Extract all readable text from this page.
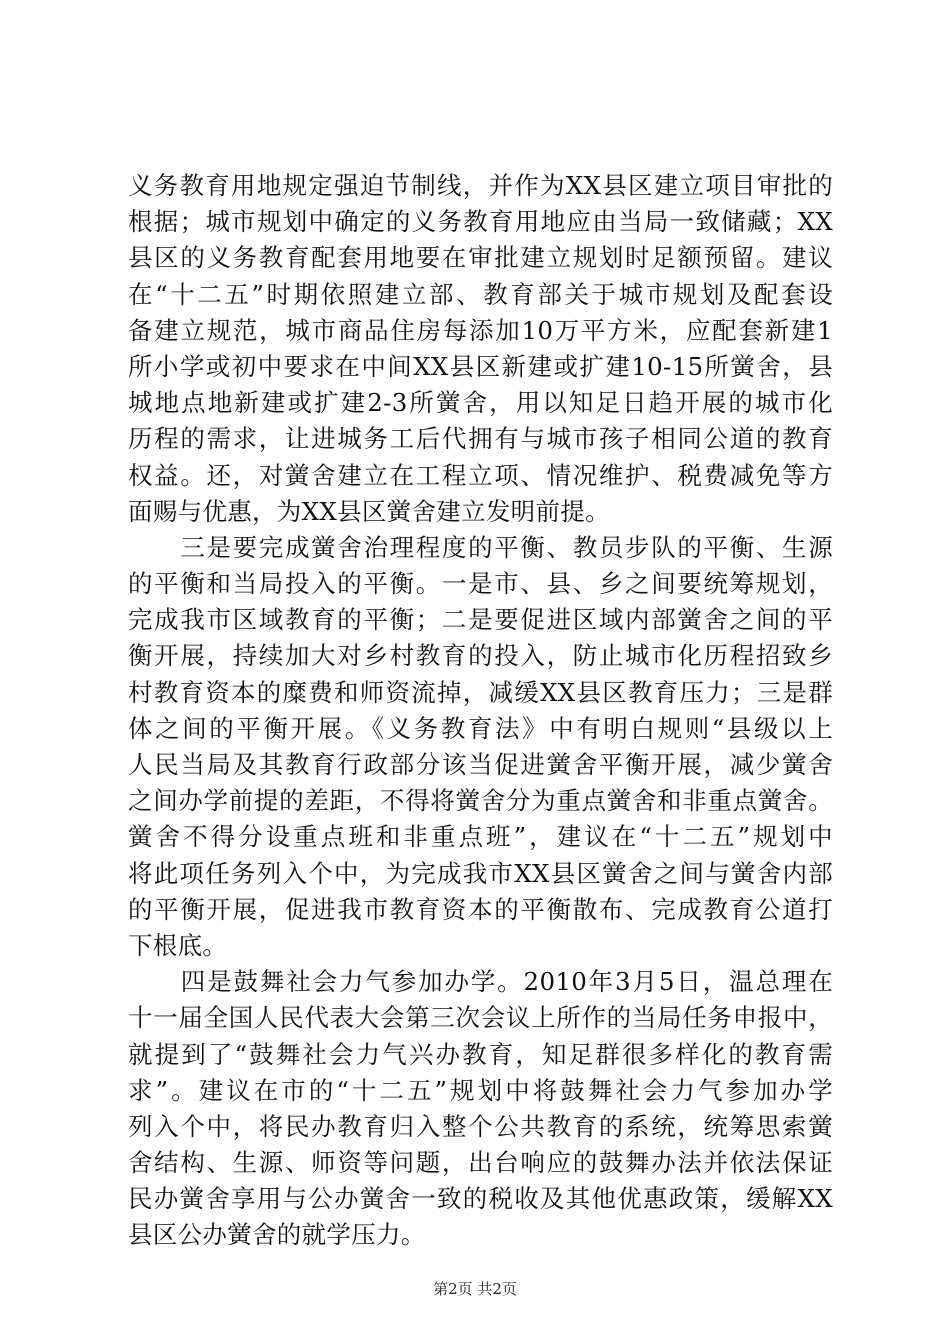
义务教育用地规定强迫节制线，并作为XX县区建立项目审批的
根据；城市规划中确定的义务教育用地应由当局一致储藏；XX
县区的义务教育配套用地要在审批建立规划时足额预留。建议
在“十二五”时期依照建立部、教育部关于城市规划及配套设
备建立规范，城市商品住房每添加10万平方米，应配套新建1
所小学或初中要求在中间XX县区新建或扩建10-15所黉舍，县
城地点地新建或扩建2-3所黉舍，用以知足日趋开展的城市化
历程的需求，让进城务工后代拥有与城市孩子相同公道的教育
权益。还，对黉舍建立在工程立项、情况维护、税费减免等方
面赐与优惠，为XX县区黉舍建立发明前提。
　　三是要完成黉舍治理程度的平衡、教员步队的平衡、生源
的平衡和当局投入的平衡。一是市、县、乡之间要统筹规划，
完成我市区域教育的平衡；二是要促进区域内部黉舍之间的平
衡开展，持续加大对乡村教育的投入，防止城市化历程招致乡
村教育资本的糜费和师资流掉，减缓XX县区教育压力；三是群
体之间的平衡开展。《义务教育法》中有明白规则“县级以上
人民当局及其教育行政部分该当促进黉舍平衡开展，减少黉舍
之间办学前提的差距，不得将黉舍分为重点黉舍和非重点黉舍。
黉舍不得分设重点班和非重点班”，建议在“十二五”规划中
将此项任务列入个中，为完成我市XX县区黉舍之间与黉舍内部
的平衡开展，促进我市教育资本的平衡散布、完成教育公道打
下根底。
　　四是鼓舞社会力气参加办学。2010年3月5日，温总理在
十一届全国人民代表大会第三次会议上所作的当局任务申报中，
就提到了“鼓舞社会力气兴办教育，知足群很多样化的教育需
求”。建议在市的“十二五”规划中将鼓舞社会力气参加办学
列入个中，将民办教育归入整个公共教育的系统，统筹思索黉
舍结构、生源、师资等问题，出台响应的鼓舞办法并依法保证
民办黉舍享用与公办黉舍一致的税收及其他优惠政策，缓解XX
县区公办黉舍的就学压力。
第2页 共2页
